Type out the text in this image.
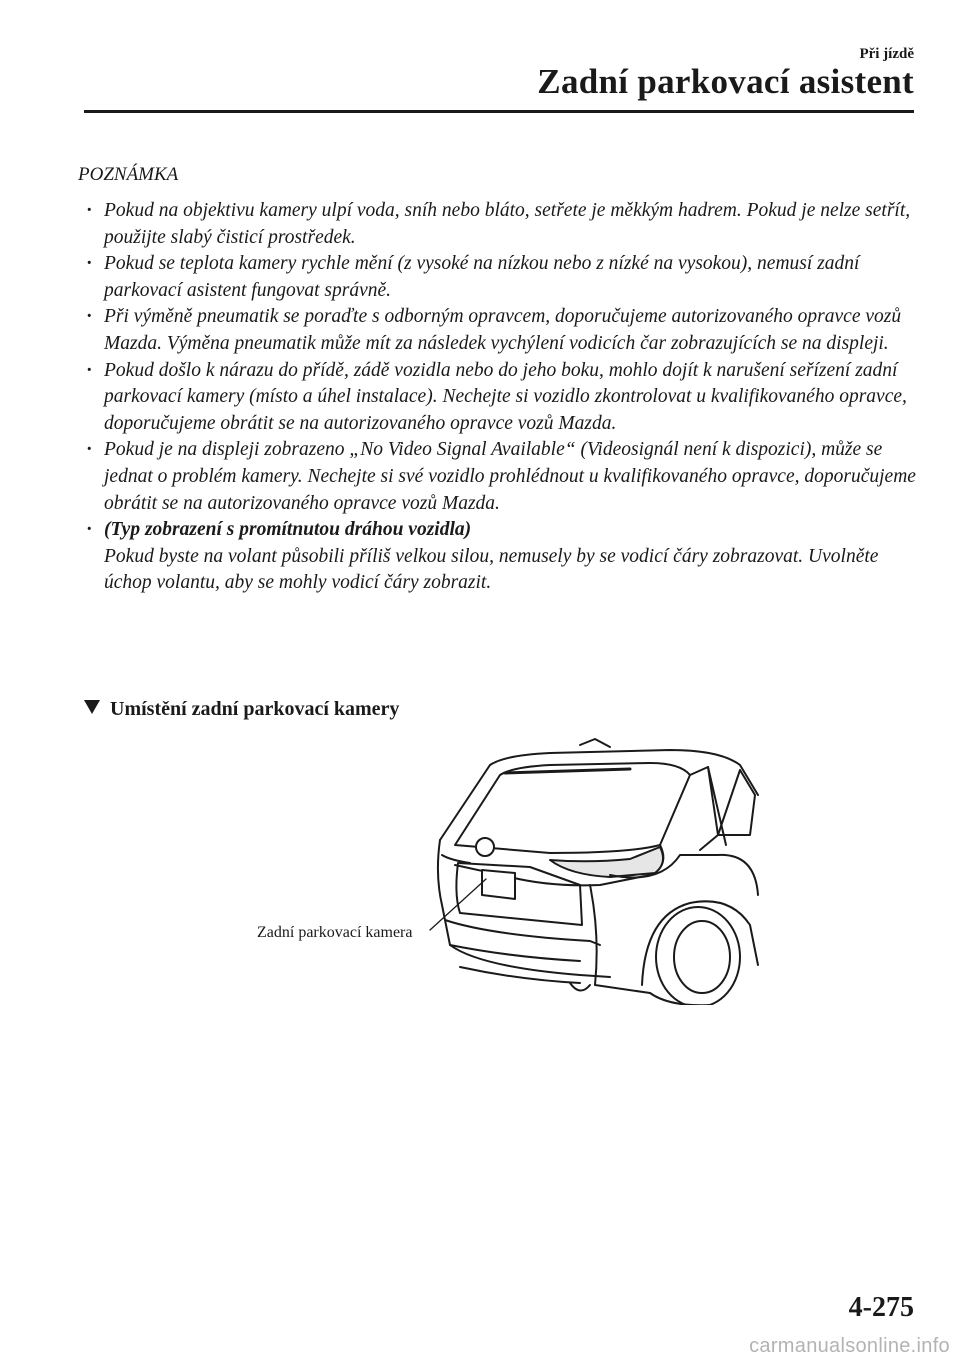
Při jízdě
Zadní parkovací asistent
POZNÁMKA
· Pokud na objektivu kamery ulpí voda, sníh nebo bláto, setřete je měkkým hadrem. Pokud je nelze setřít, použijte slabý čisticí prostředek.
· Pokud se teplota kamery rychle mění (z vysoké na nízkou nebo z nízké na vysokou), nemusí zadní parkovací asistent fungovat správně.
· Při výměně pneumatik se poraďte s odborným opravcem, doporučujeme autorizovaného opravce vozů Mazda. Výměna pneumatik může mít za následek vychýlení vodicích čar zobrazujících se na displeji.
· Pokud došlo k nárazu do přídě, zádě vozidla nebo do jeho boku, mohlo dojít k narušení seřízení zadní parkovací kamery (místo a úhel instalace). Nechejte si vozidlo zkontrolovat u kvalifikovaného opravce, doporučujeme obrátit se na autorizovaného opravce vozů Mazda.
· Pokud je na displeji zobrazeno „No Video Signal Available“ (Videosignál není k dispozici), může se jednat o problém kamery. Nechejte si své vozidlo prohlédnout u kvalifikovaného opravce, doporučujeme obrátit se na autorizovaného opravce vozů Mazda.
· (Typ zobrazení s promítnutou dráhou vozidla)
Pokud byste na volant působili příliš velkou silou, nemusely by se vodicí čáry zobrazovat. Uvolněte úchop volantu, aby se mohly vodicí čáry zobrazit.
Umístění zadní parkovací kamery
Zadní parkovací kamera
4-275
carmanualsonline.info
